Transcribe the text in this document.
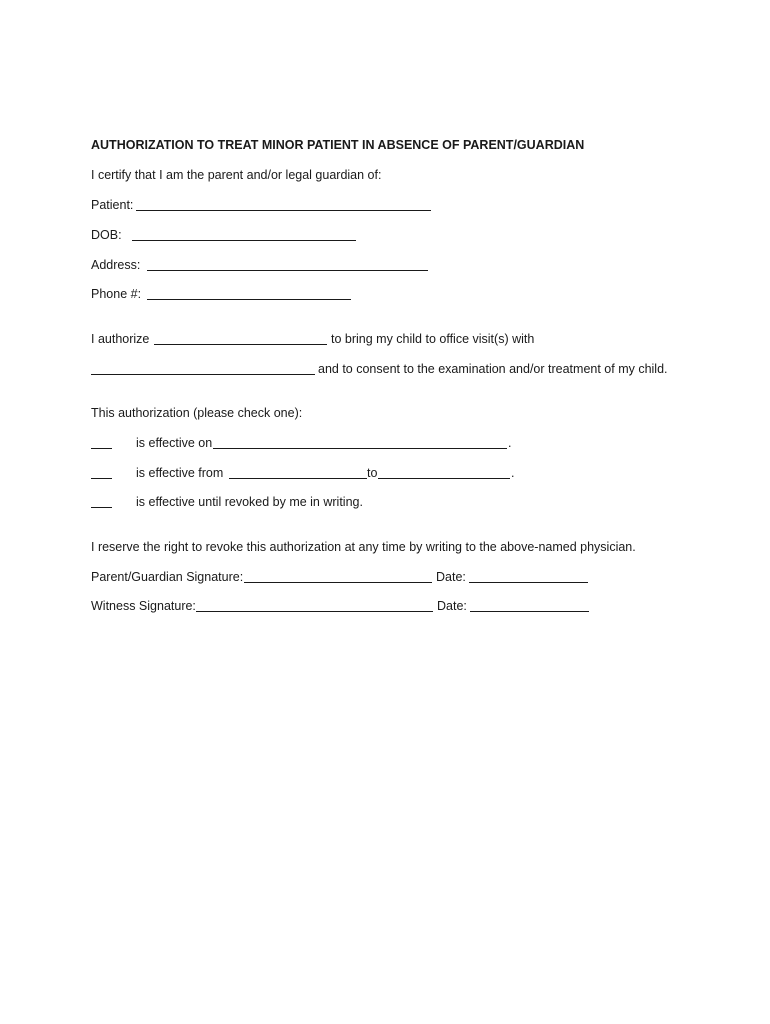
AUTHORIZATION TO TREAT MINOR PATIENT IN ABSENCE OF PARENT/GUARDIAN
I certify that I am the parent and/or legal guardian of:
Patient:
DOB:
Address:
Phone #:
I authorize	to bring my child to office visit(s) with
and to consent to the examination and/or treatment of my child.
This authorization (please check one):
is effective on	.
is effective from	to	.
is effective until revoked by me in writing.
I reserve the right to revoke this authorization at any time by writing to the above-named physician.
Parent/Guardian Signature:	Date:
Witness Signature:	Date:
